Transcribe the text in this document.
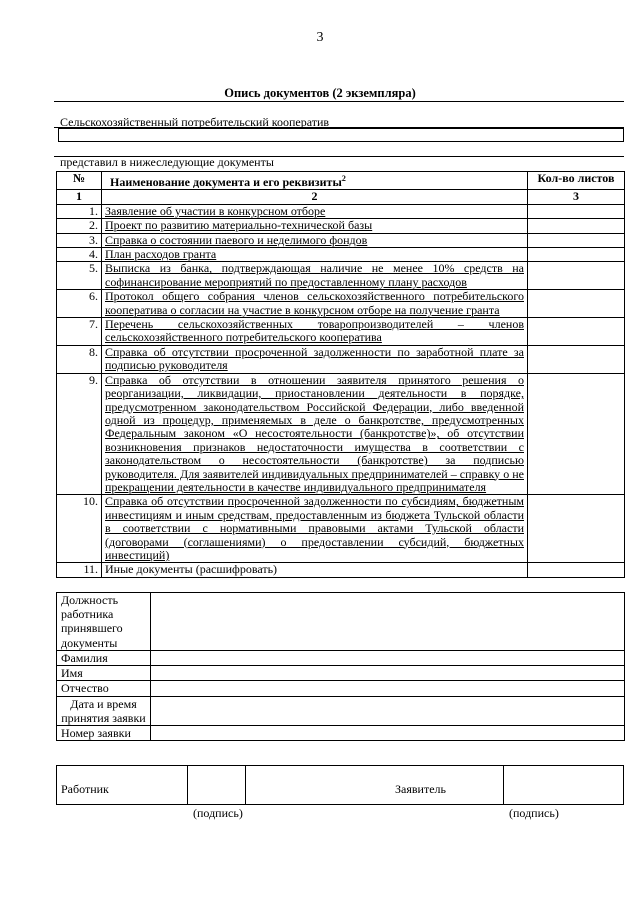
3
Опись документов (2 экземпляра)
Сельскохозяйственный потребительский кооператив
представил в нижеследующие документы
№	Наименование документа и его реквизиты$^2$	Кол-во листов
1	2	3
1.	Заявление об участии в конкурсном отборе	
2.	Проект по развитию материально-технической базы	
3.	Справка о состоянии паевого и неделимого фондов	
4.	План расходов гранта	
5.	Выписка из банка, подтверждающая наличие не менее 10% средств на софинансирование мероприятий по предоставленному плану расходов	
6.	Протокол общего собрания членов сельскохозяйственного потребительского кооператива о согласии на участие в конкурсном отборе на получение гранта	
7.	Перечень сельскохозяйственных товаропроизводителей – членов сельскохозяйственного потребительского кооператива	
8.	Справка об отсутствии просроченной задолженности по заработной плате за подписью руководителя	
9.	Справка об отсутствии в отношении заявителя принятого решения о реорганизации, ликвидации, приостановлении деятельности в порядке, предусмотренном законодательством Российской Федерации, либо введенной одной из процедур, применяемых в деле о банкротстве, предусмотренных Федеральным законом «О несостоятельности (банкротстве)», об отсутствии возникновения признаков недостаточности имущества в соответствии с законодательством о несостоятельности (банкротстве) за подписью руководителя. Для заявителей индивидуальных предпринимателей – справку о не прекращении деятельности в качестве индивидуального предпринимателя	
10.	Справка об отсутствии просроченной задолженности по субсидиям, бюджетным инвестициям и иным средствам, предоставленным из бюджета Тульской области в соответствии с нормативными правовыми актами Тульской области (договорами (соглашениями) о предоставлении субсидий, бюджетных инвестиций)	
11.	Иные документы (расшифровать)	
Должность работника принявшего документы	
Фамилия	
Имя	
Отчество	
Дата и время принятия заявки	
Номер заявки	
Работник	Заявитель
(подпись)	(подпись)
